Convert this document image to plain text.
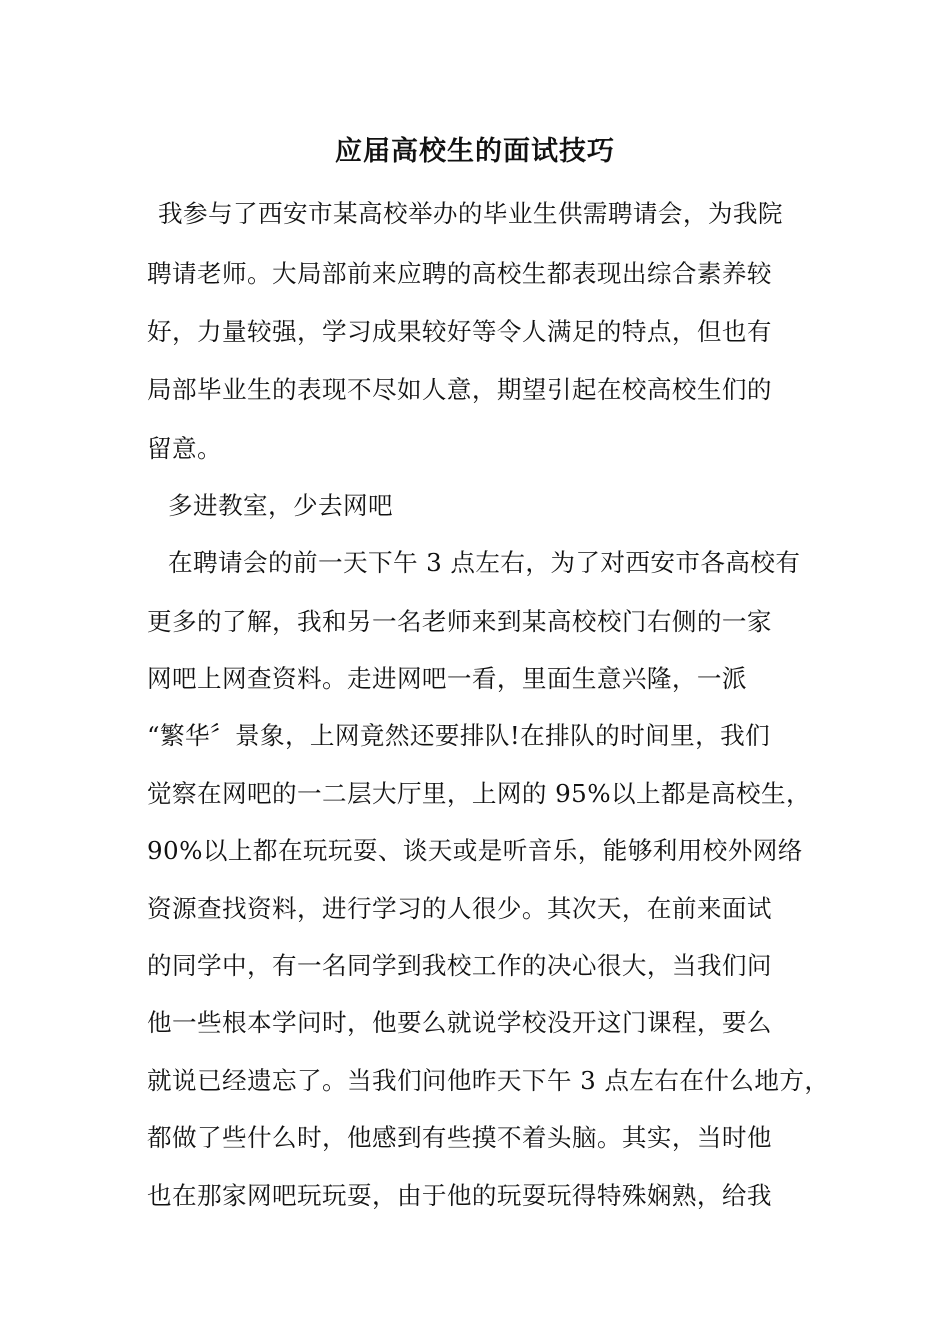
应届高校生的面试技巧
我参与了西安市某高校举办的毕业生供需聘请会，为我院
聘请老师。大局部前来应聘的高校生都表现出综合素养较
好，力量较强，学习成果较好等令人满足的特点，但也有
局部毕业生的表现不尽如人意，期望引起在校高校生们的
留意。
多进教室，少去网吧
在聘请会的前一天下午 3 点左右，为了对西安市各高校有
更多的了解，我和另一名老师来到某高校校门右侧的一家
网吧上网查资料。走进网吧一看，里面生意兴隆，一派
“繁华〞景象，上网竟然还要排队!在排队的时间里，我们
觉察在网吧的一二层大厅里，上网的 95%以上都是高校生，
90%以上都在玩玩耍、谈天或是听音乐，能够利用校外网络
资源查找资料，进行学习的人很少。其次天，在前来面试
的同学中，有一名同学到我校工作的决心很大，当我们问
他一些根本学问时，他要么就说学校没开这门课程，要么
就说已经遗忘了。当我们问他昨天下午 3 点左右在什么地方，
都做了些什么时，他感到有些摸不着头脑。其实，当时他
也在那家网吧玩玩耍，由于他的玩耍玩得特殊娴熟，给我
